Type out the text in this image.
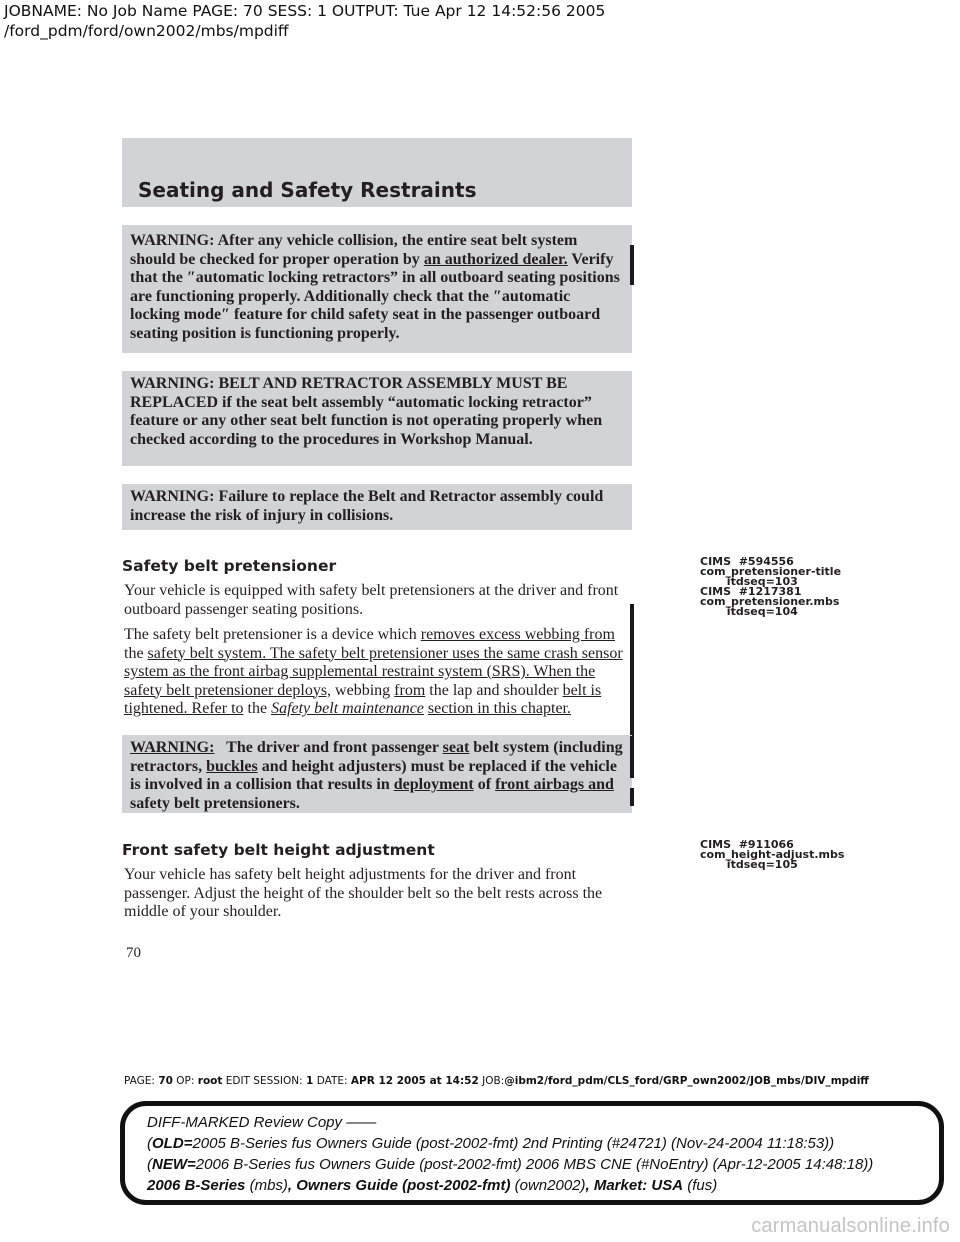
JOBNAME: No Job Name PAGE: 70 SESS: 1 OUTPUT: Tue Apr 12 14:52:56 2005
/ford_pdm/ford/own2002/mbs/mpdiff
Seating and Safety Restraints
WARNING: After any vehicle collision, the entire seat belt system should be checked for proper operation by an authorized dealer. Verify that the ″automatic locking retractors” in all outboard seating positions are functioning properly. Additionally check that the ″automatic locking mode″ feature for child safety seat in the passenger outboard seating position is functioning properly.
WARNING: BELT AND RETRACTOR ASSEMBLY MUST BE REPLACED if the seat belt assembly “automatic locking retractor” feature or any other seat belt function is not operating properly when checked according to the procedures in Workshop Manual.
WARNING: Failure to replace the Belt and Retractor assembly could increase the risk of injury in collisions.
Safety belt pretensioner
Your vehicle is equipped with safety belt pretensioners at the driver and front outboard passenger seating positions.
The safety belt pretensioner is a device which removes excess webbing from the safety belt system. The safety belt pretensioner uses the same crash sensor system as the front airbag supplemental restraint system (SRS). When the safety belt pretensioner deploys, webbing from the lap and shoulder belt is tightened. Refer to the Safety belt maintenance section in this chapter.
WARNING:   The driver and front passenger seat belt system (including retractors, buckles and height adjusters) must be replaced if the vehicle is involved in a collision that results in deployment of front airbags and safety belt pretensioners.
Front safety belt height adjustment
Your vehicle has safety belt height adjustments for the driver and front passenger. Adjust the height of the shoulder belt so the belt rests across the middle of your shoulder.
CIMS  #594556
com_pretensioner-title
itdseq=103
CIMS  #1217381
com_pretensioner.mbs
itdseq=104
CIMS  #911066
com_height-adjust.mbs
itdseq=105
70
PAGE: 70 OP: root EDIT SESSION: 1 DATE: APR 12 2005 at 14:52 JOB:@ibm2/ford_pdm/CLS_ford/GRP_own2002/JOB_mbs/DIV_mpdiff
DIFF-MARKED Review Copy ——
(OLD=2005 B-Series fus Owners Guide (post-2002-fmt) 2nd Printing (#24721) (Nov-24-2004 11:18:53))
(NEW=2006 B-Series fus Owners Guide (post-2002-fmt) 2006 MBS CNE (#NoEntry) (Apr-12-2005 14:48:18))
2006 B-Series (mbs), Owners Guide (post-2002-fmt) (own2002), Market: USA (fus)
carmanualsonline.info
